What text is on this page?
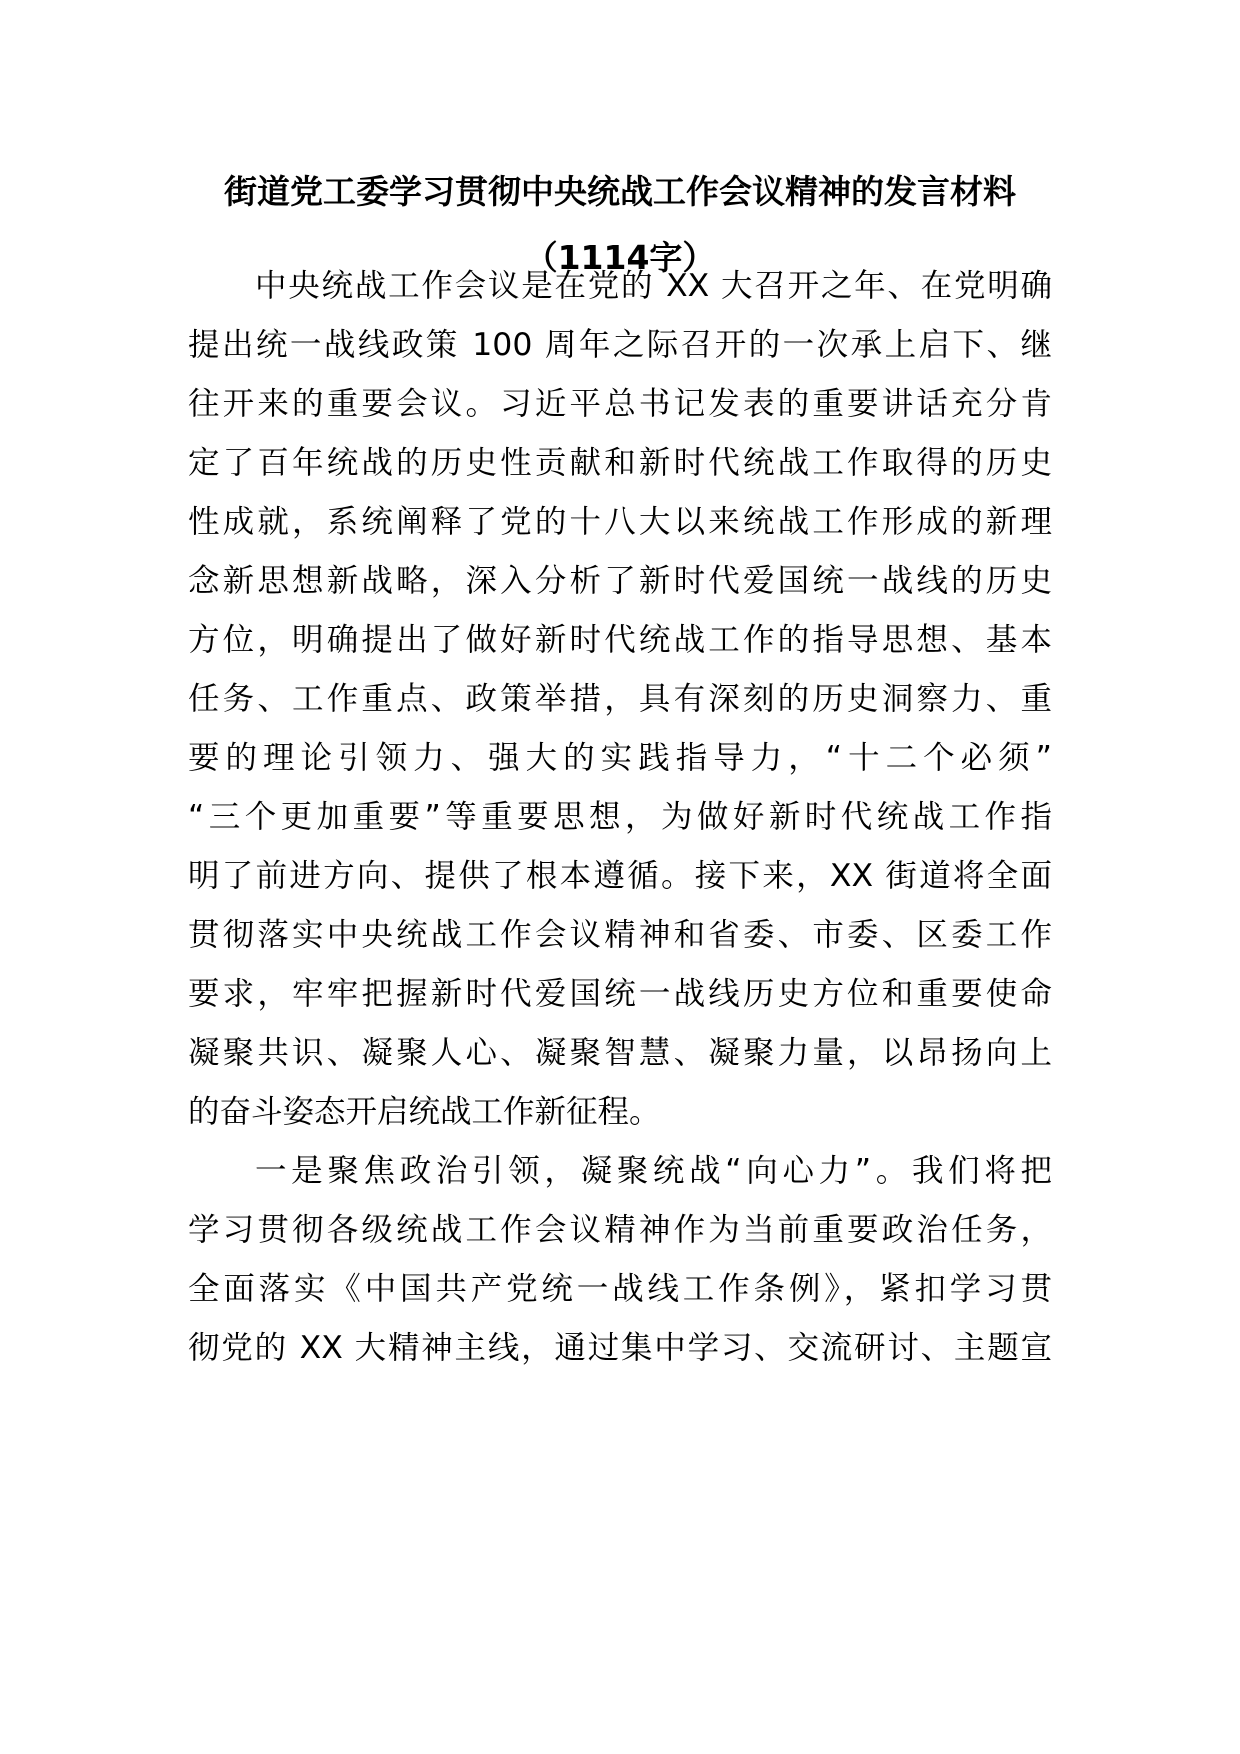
街道党工委学习贯彻中央统战工作会议精神的发言材料
（1114字）
中央统战工作会议是在党的 XX 大召开之年、在党明确
提出统一战线政策 100 周年之际召开的一次承上启下、继
往开来的重要会议。习近平总书记发表的重要讲话充分肯
定了百年统战的历史性贡献和新时代统战工作取得的历史
性成就，系统阐释了党的十八大以来统战工作形成的新理
念新思想新战略，深入分析了新时代爱国统一战线的历史
方位，明确提出了做好新时代统战工作的指导思想、基本
任务、工作重点、政策举措，具有深刻的历史洞察力、重
要的理论引领力、强大的实践指导力，“十二个必须”
“三个更加重要”等重要思想，为做好新时代统战工作指
明了前进方向、提供了根本遵循。接下来，XX 街道将全面
贯彻落实中央统战工作会议精神和省委、市委、区委工作
要求，牢牢把握新时代爱国统一战线历史方位和重要使命
凝聚共识、凝聚人心、凝聚智慧、凝聚力量，以昂扬向上
的奋斗姿态开启统战工作新征程。
一是聚焦政治引领，凝聚统战“向心力”。我们将把
学习贯彻各级统战工作会议精神作为当前重要政治任务，
全面落实《中国共产党统一战线工作条例》，紧扣学习贯
彻党的 XX 大精神主线，通过集中学习、交流研讨、主题宣
